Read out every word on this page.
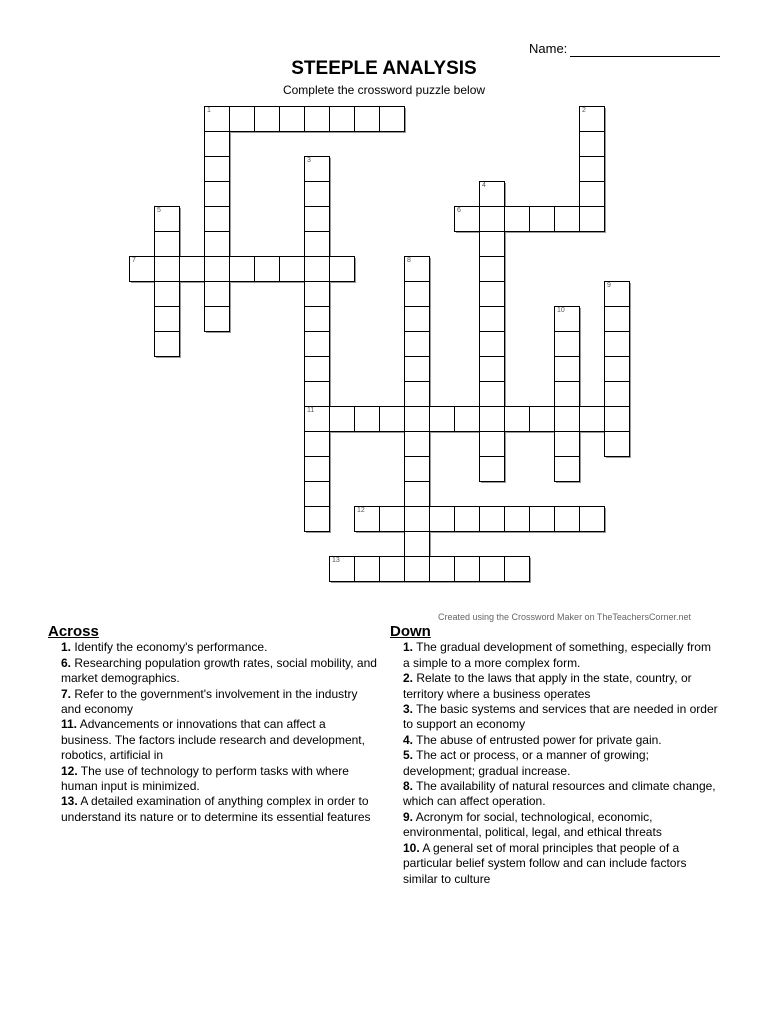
Name:
STEEPLE ANALYSIS
Complete the crossword puzzle below
1	2
3
11
4
5	6
7	8
9
10
12
13
Created using the Crossword Maker on TheTeachersCorner.net
Across
1. Identify the economy's performance.
6. Researching population growth rates, social mobility, and market demographics.
7. Refer to the government's involvement in the industry and economy
11. Advancements or innovations that can affect a business. The factors include research and development, robotics, artificial in
12. The use of technology to perform tasks with where human input is minimized.
13. A detailed examination of anything complex in order to understand its nature or to determine its essential features
Down
1. The gradual development of something, especially from a simple to a more complex form.
2. Relate to the laws that apply in the state, country, or territory where a business operates
3. The basic systems and services that are needed in order to support an economy
4. The abuse of entrusted power for private gain.
5. The act or process, or a manner of growing; development; gradual increase.
8. The availability of natural resources and climate change, which can affect operation.
9. Acronym for social, technological, economic, environmental, political, legal, and ethical threats
10. A general set of moral principles that people of a particular belief system follow and can include factors similar to culture
